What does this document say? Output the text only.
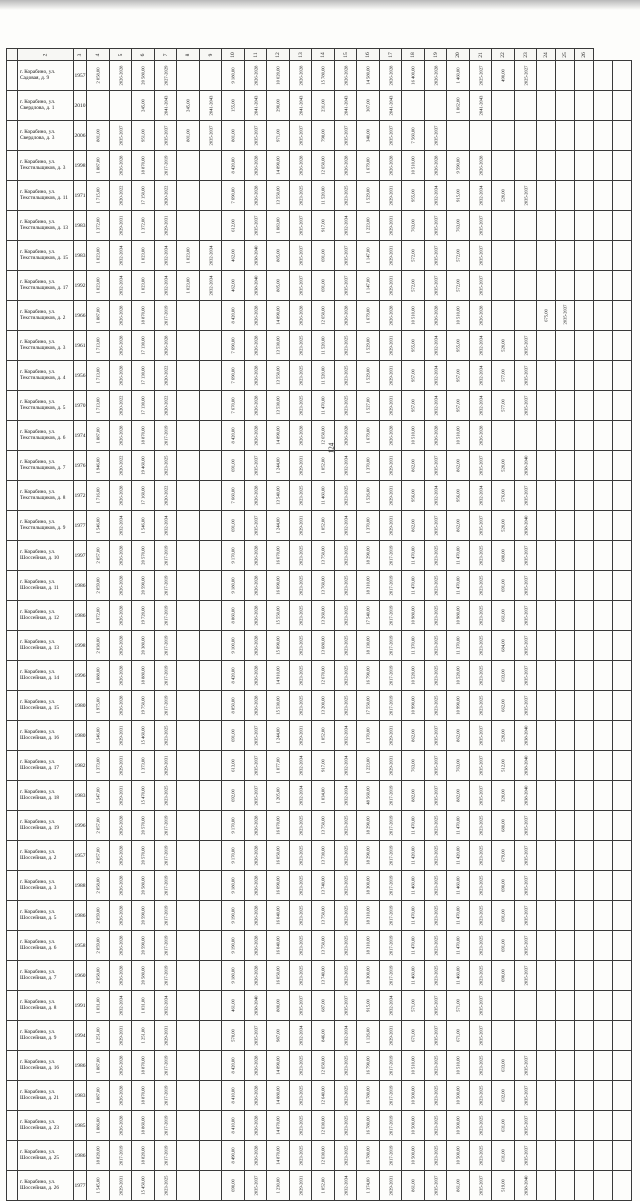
124

	2	3	4	5	6	7	8	9	10	11	12	13	14	15	16	17	18	19	20	21	22	23	24	25	26		

	г. Корабино, ул. Садовая, д. 9	1957	2 058,00	2026-2028	20 580,00	2027-2029			9 180,00	2026-2028	10 020,00	2026-2028	15 780,00	2026-2028	14 580,00	2026-2028	16 400,00	2026-2028	1 460,00	2025-2027	490,00	2025-2027					

	г. Корабино, ул. Свердлова, д. 1	2010			245,00	2041-2043	245,00	2041-2043	155,00	2041-2043	290,00	2041-2043	231,00	2041-2043	307,00	2041-2043			1 062,00	2041-2043							

	г. Корабино, ул. Свердлова, д. 3	2006	801,00	2035-2037	951,00	2035-2037	801,00	2035-2037	801,00	2035-2037	971,00	2035-2037	798,00	2035-2037	340,00	2035-2037	7 560,00	2035-2037									

	г. Корабино, ул. Текстильщиков, д. 3	1998	1 887,00	2026-2028	18 870,00	2017-2019			8 420,00	2026-2028	14 890,00	2026-2028	12 650,00	2026-2028	1 679,00	2026-2028	10 510,00	2026-2028	9 590,00	2026-2028							

	г. Корабино, ул. Текстильщиков, д. 11	1971	1 715,00	2020-2022	17 150,00	2020-2022			7 690,00	2026-2028	13 550,00	2023-2025	11 520,00	2023-2025	1 529,00	2029-2031	955,00	2032-2034	915,00	2032-2034	520,00	2035-2037					

	г. Корабино, ул. Текстильщиков, д. 13	1983	1 372,00	2029-2031	1 372,00	2029-2031			612,00	2035-2037	1 083,00	2035-2037	917,00	2032-2034	1 223,00	2029-2031	763,00	2035-2037	763,00	2035-2037							

	г. Корабино, ул. Текстильщиков, д. 15	1983	1 023,00	2032-2034	1 023,00	2032-2034	1 023,00	2032-2034	462,00	2038-2040	805,00	2035-2037	691,00	2035-2037	1 147,00	2029-2031	572,00	2035-2037	572,00	2035-2037							

	г. Корабино, ул. Текстильщиков, д. 17	1992	1 023,00	2032-2034	1 023,00	2032-2034	1 023,00	2032-2034	462,00	2038-2040	805,00	2035-2037	691,00	2035-2037	1 147,00	2029-2031	572,00	2035-2037	572,00	2035-2037							

	г. Корабино, ул. Текстильщиков, д. 2	1966	1 887,00	2026-2028	18 870,00	2017-2019			8 420,00	2026-2028	14 890,00	2026-2028	12 650,00	2026-2028	1 679,00	2026-2028	10 510,00	2026-2028	10 510,00	2026-2028			675,00	2035-2037			

	г. Корабино, ул. Текстильщиков, д. 3	1961	1 713,00	2026-2028	17 130,00	2026-2028			7 690,00	2026-2028	13 530,00	2023-2025	11 520,00	2023-2025	1 529,00	2029-2031	955,00	2032-2034	955,00	2032-2034	520,00	2035-2037					

	г. Корабино, ул. Текстильщиков, д. 4	1956	1 713,00	2026-2028	17 130,00	2020-2022			7 690,00	2026-2028	13 550,00	2023-2025	11 520,00	2023-2025	1 529,00	2029-2031	957,00	2032-2034	957,00	2032-2034	577,00	2035-2037					

	г. Корабино, ул. Текстильщиков, д. 5	1970	1 713,00	2020-2022	17 130,00	2020-2022			7 670,00	2026-2028	13 530,00	2023-2025	11 470,00	2023-2025	1 527,00	2029-2031	957,00	2032-2034	957,00	2032-2034	577,00	2035-2037					

	г. Корабино, ул. Текстильщиков, д. 6	1974	1 887,00	2026-2028	18 870,00	2017-2019			8 420,00	2026-2028	14 890,00	2026-2028	12 650,00	2026-2028	1 679,00	2026-2028	10 510,00	2026-2028	10 510,00	2026-2028							

	г. Корабино, ул. Текстильщиков, д. 7	1976	1 946,00	2020-2022	19 460,00	2023-2025			691,00	2035-2037	1 244,00	2029-2031	1 052,00	2032-2034	1 370,00	2029-2031	862,00	2035-2037	862,00	2035-2037	520,00	2038-2040					

	г. Корабино, ул. Текстильщиков, д. 8	1972	1 716,00	2026-2028	17 160,00	2020-2022			7 660,00	2026-2028	13 540,00	2023-2025	11 460,00	2023-2025	1 526,00	2029-2031	956,00	2032-2034	956,00	2032-2034	576,00	2035-2037					

	г. Корабино, ул. Текстильщиков, д. 9	1977	1 546,00	2032-2034	1 546,00	2032-2034			691,00	2035-2037	1 244,00	2029-2031	1 052,00	2032-2034	1 370,00	2029-2031	862,00	2035-2037	862,00	2035-2037	520,00	2038-2040					

	г. Корабино, ул. Шоссейная, д. 10	1997	2 057,00	2026-2028	20 570,00	2017-2019			9 170,00	2026-2028	16 070,00	2023-2025	13 750,00	2023-2025	18 290,00	2017-2019	11 470,00	2023-2025	11 470,00	2023-2025	680,00	2035-2037					

	г. Корабино, ул. Шоссейная, д. 11	1986	2 059,00	2026-2028	20 590,00	2017-2019			9 180,00	2026-2028	16 090,00	2023-2025	13 760,00	2023-2025	18 310,00	2017-2019	11 470,00	2023-2025	11 470,00	2023-2025	691,00	2035-2037					

	г. Корабино, ул. Шоссейная, д. 12	1986	1 972,00	2026-2028	19 720,00	2017-2019			8 860,00	2026-2028	15 550,00	2023-2025	13 260,00	2023-2025	17 540,00	2017-2019	10 980,00	2023-2025	10 980,00	2023-2025	661,00	2035-2037					

	г. Корабино, ул. Шоссейная, д. 13	1998	2 038,00	2026-2028	20 380,00	2017-2019			9 100,00	2026-2028	15 890,00	2023-2025	13 680,00	2023-2025	18 130,00	2017-2019	11 370,00	2023-2025	11 370,00	2023-2025	684,00	2035-2037					

	г. Корабино, ул. Шоссейная, д. 14	1996	1 888,00	2026-2028	18 880,00	2017-2019			8 420,00	2026-2028	14 910,00	2023-2025	12 670,00	2023-2025	16 790,00	2017-2019	10 520,00	2023-2025	10 520,00	2023-2025	633,00	2035-2037					

	г. Корабино, ул. Шоссейная, д. 15	1980	1 975,00	2026-2028	19 750,00	2017-2019			8 850,00	2026-2028	15 530,00	2023-2025	13 200,00	2023-2025	17 550,00	2017-2019	10 990,00	2023-2025	10 990,00	2023-2025	662,00	2035-2037					

	г. Корабино, ул. Шоссейная, д. 16	1980	1 546,00	2029-2031	15 460,00	2023-2025			691,00	2035-2037	1 244,00	2029-2031	1 052,00	2032-2034	1 370,00	2029-2031	862,00	2035-2037	862,00	2035-2037	520,00	2038-2040					

	г. Корабино, ул. Шоссейная, д. 17	1982	1 373,00	2029-2031	1 373,00	2029-2031			613,00	2035-2037	1 077,00	2032-2034	917,00	2032-2034	1 223,00	2029-2031	763,00	2035-2037	763,00	2035-2037	512,00	2038-2040					

	г. Корабино, ул. Шоссейная, д. 18	1983	1 547,00	2029-2031	15 470,00	2023-2025			692,00	2035-2037	1 205,00	2032-2034	1 034,00	2032-2034	48 560,00	2017-2019	882,00	2035-2037	882,00	2035-2037	320,00	2038-2040					

	г. Корабино, ул. Шоссейная, д. 19	1996	2 057,00	2026-2028	20 570,00	2017-2019			9 170,00	2026-2028	16 070,00	2023-2025	13 750,00	2023-2025	18 290,00	2017-2019	11 470,00	2023-2025	11 470,00	2023-2025	680,00	2035-2037					

	г. Корабино, ул. Шоссейная, д. 2	1957	2 057,00	2026-2028	20 570,00	2017-2019			9 170,00	2026-2028	16 050,00	2023-2025	13 730,00	2023-2025	18 290,00	2017-2019	11 420,00	2023-2025	11 420,00	2023-2025	679,00	2035-2037					

	г. Корабино, ул. Шоссейная, д. 3	1988	2 058,00	2026-2028	20 580,00	2017-2019			9 180,00	2026-2028	16 090,00	2023-2025	13 740,00	2023-2025	18 300,00	2017-2019	11 460,00	2023-2025	11 460,00	2023-2025	690,00	2035-2037					

	г. Корабино, ул. Шоссейная, д. 5	1986	2 059,00	2026-2028	20 590,00	2017-2019			9 190,00	2026-2028	16 040,00	2023-2025	13 750,00	2023-2025	18 310,00	2017-2019	11 470,00	2023-2025	11 470,00	2023-2025	691,00	2035-2037					

	г. Корабино, ул. Шоссейная, д. 6	1958	2 059,00	2026-2028	20 590,00	2017-2019			9 190,00	2026-2028	16 040,00	2023-2025	13 750,00	2023-2025	18 310,00	2017-2019	11 470,00	2023-2025	11 470,00	2023-2025	691,00	2035-2037					

	г. Корабино, ул. Шоссейная, д. 7	1960	2 058,00	2026-2028	20 580,00	2017-2019			9 180,00	2026-2028	16 050,00	2023-2025	13 740,00	2023-2025	18 300,00	2017-2019	11 460,00	2023-2025	11 460,00	2023-2025	690,00	2035-2037					

	г. Корабино, ул. Шоссейная, д. 8	1991	1 031,00	2032-2034	1 031,00	2032-2034			461,00	2038-2040	800,00	2035-2037	687,00	2035-2037	915,00	2032-2034	571,00	2035-2037	571,00	2035-2037							

	г. Корабино, ул. Шоссейная, д. 9	1994	1 251,00	2029-2031	1 251,00	2029-2031			578,00	2035-2037	987,00	2032-2034	846,00	2032-2034	1 126,00	2029-2031	671,00	2035-2037	671,00	2035-2037							

	г. Корабино, ул. Шоссейная, д. 16	1986	1 887,00	2026-2028	18 870,00	2017-2019			8 420,00	2026-2028	14 890,00	2023-2025	12 650,00	2023-2025	16 790,00	2017-2019	10 510,00	2023-2025	10 510,00	2023-2025	633,00	2035-2037					

	г. Корабино, ул. Шоссейная, д. 21	1983	1 887,00	2026-2028	18 870,00	2017-2019			8 410,00	2026-2028	14 880,00	2023-2025	12 640,00	2023-2025	16 780,00	2017-2019	10 500,00	2023-2025	10 500,00	2023-2025	632,00	2035-2037					

	г. Корабино, ул. Шоссейная, д. 23	1985	1 886,00	2026-2028	18 860,00	2017-2019			8 410,00	2026-2028	14 870,00	2023-2025	12 630,00	2023-2025	16 780,00	2017-2019	10 500,00	2023-2025	10 500,00	2023-2025	631,00	2035-2037					

	г. Корабино, ул. Шоссейная, д. 25	1986	18 820,00	2017-2019	18 820,00	2017-2019			8 490,00	2026-2028	14 870,00	2023-2025	12 630,00	2023-2025	16 780,00	2017-2019	10 500,00	2023-2025	10 500,00	2023-2025	631,00	2035-2037					

	г. Корабино, ул. Шоссейная, д. 26	1977	1 545,00	2029-2031	15 450,00	2023-2025			690,00	2035-2037	1 230,00	2029-2031	1 052,00	2032-2034	1 374,00	2029-2031	861,00	2035-2037	861,00	2035-2037	519,00	2038-2040					
